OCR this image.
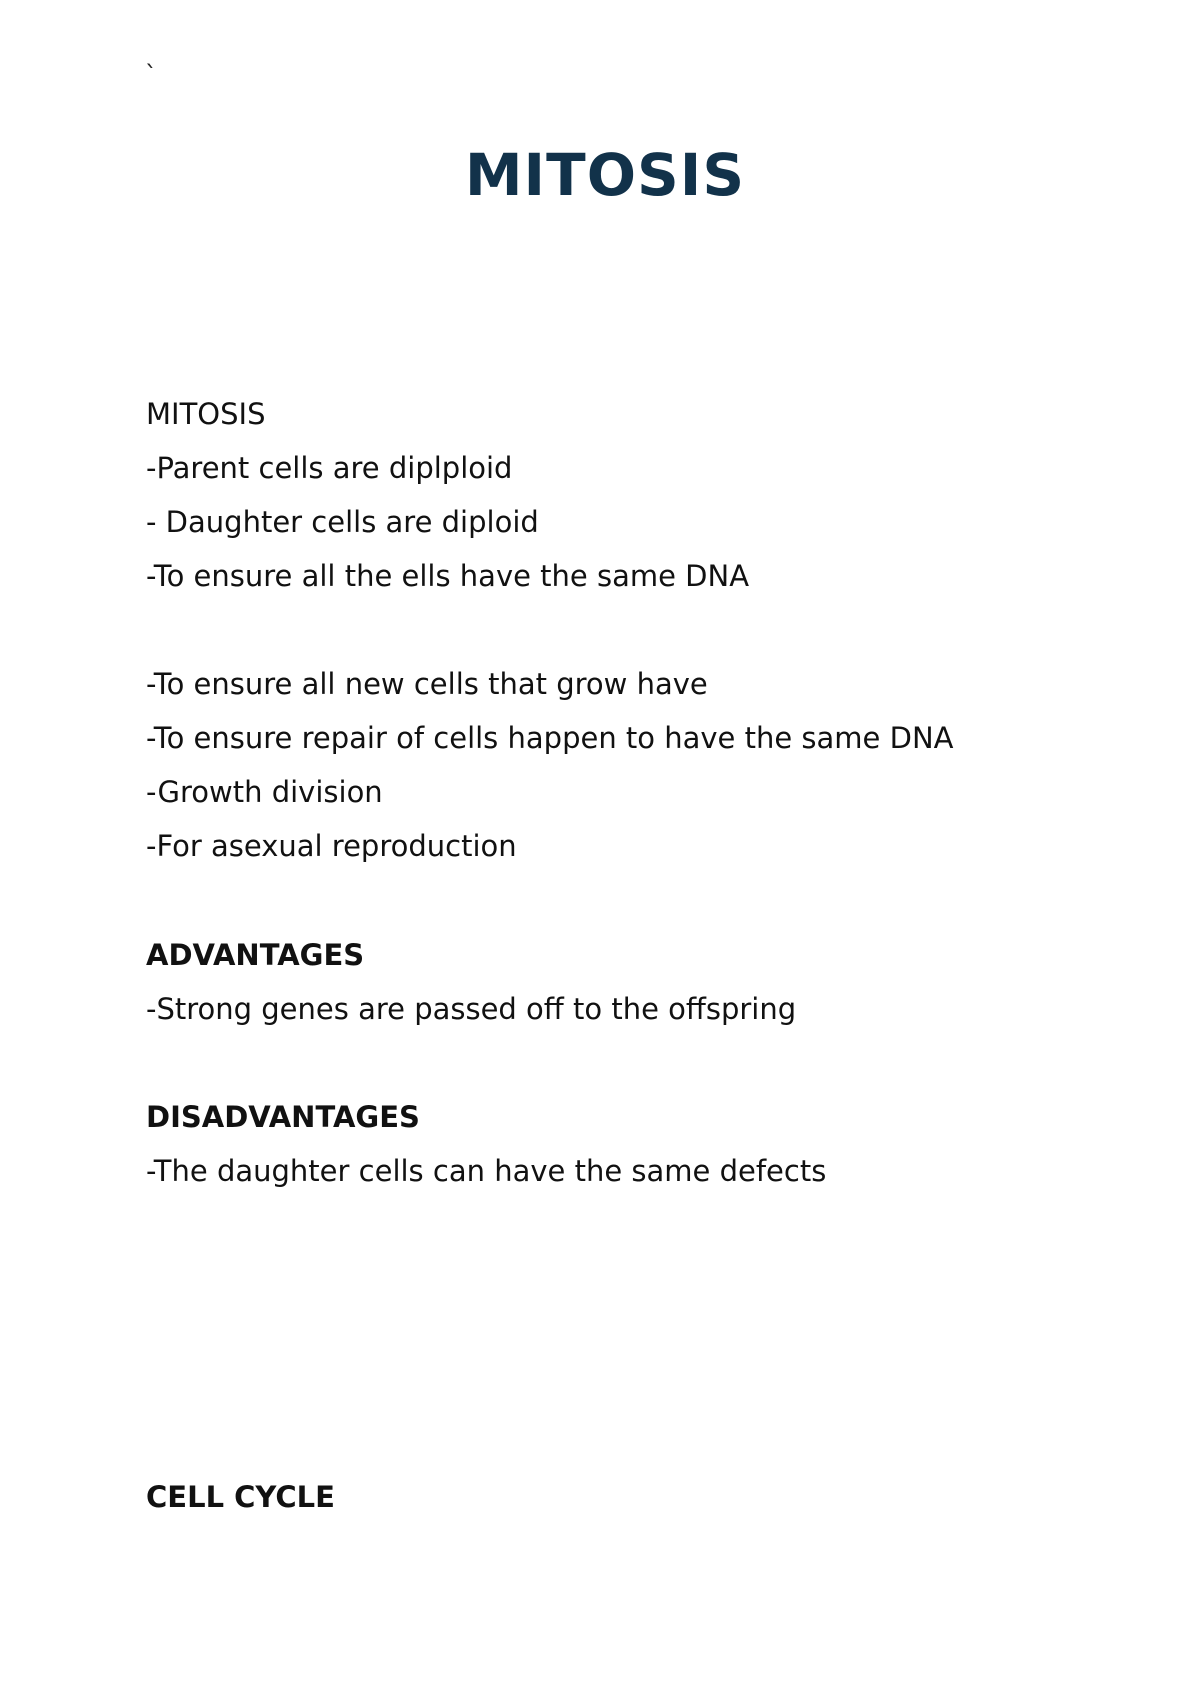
`
MITOSIS
MITOSIS
-Parent cells are diplploid
- Daughter cells are diploid
-To ensure all the ells have the same DNA
-To ensure all new cells that grow have
-To ensure repair of cells happen to have the same DNA
-Growth division
-For asexual reproduction
ADVANTAGES
-Strong genes are passed off to the offspring
DISADVANTAGES
-The daughter cells can have the same defects
CELL CYCLE
